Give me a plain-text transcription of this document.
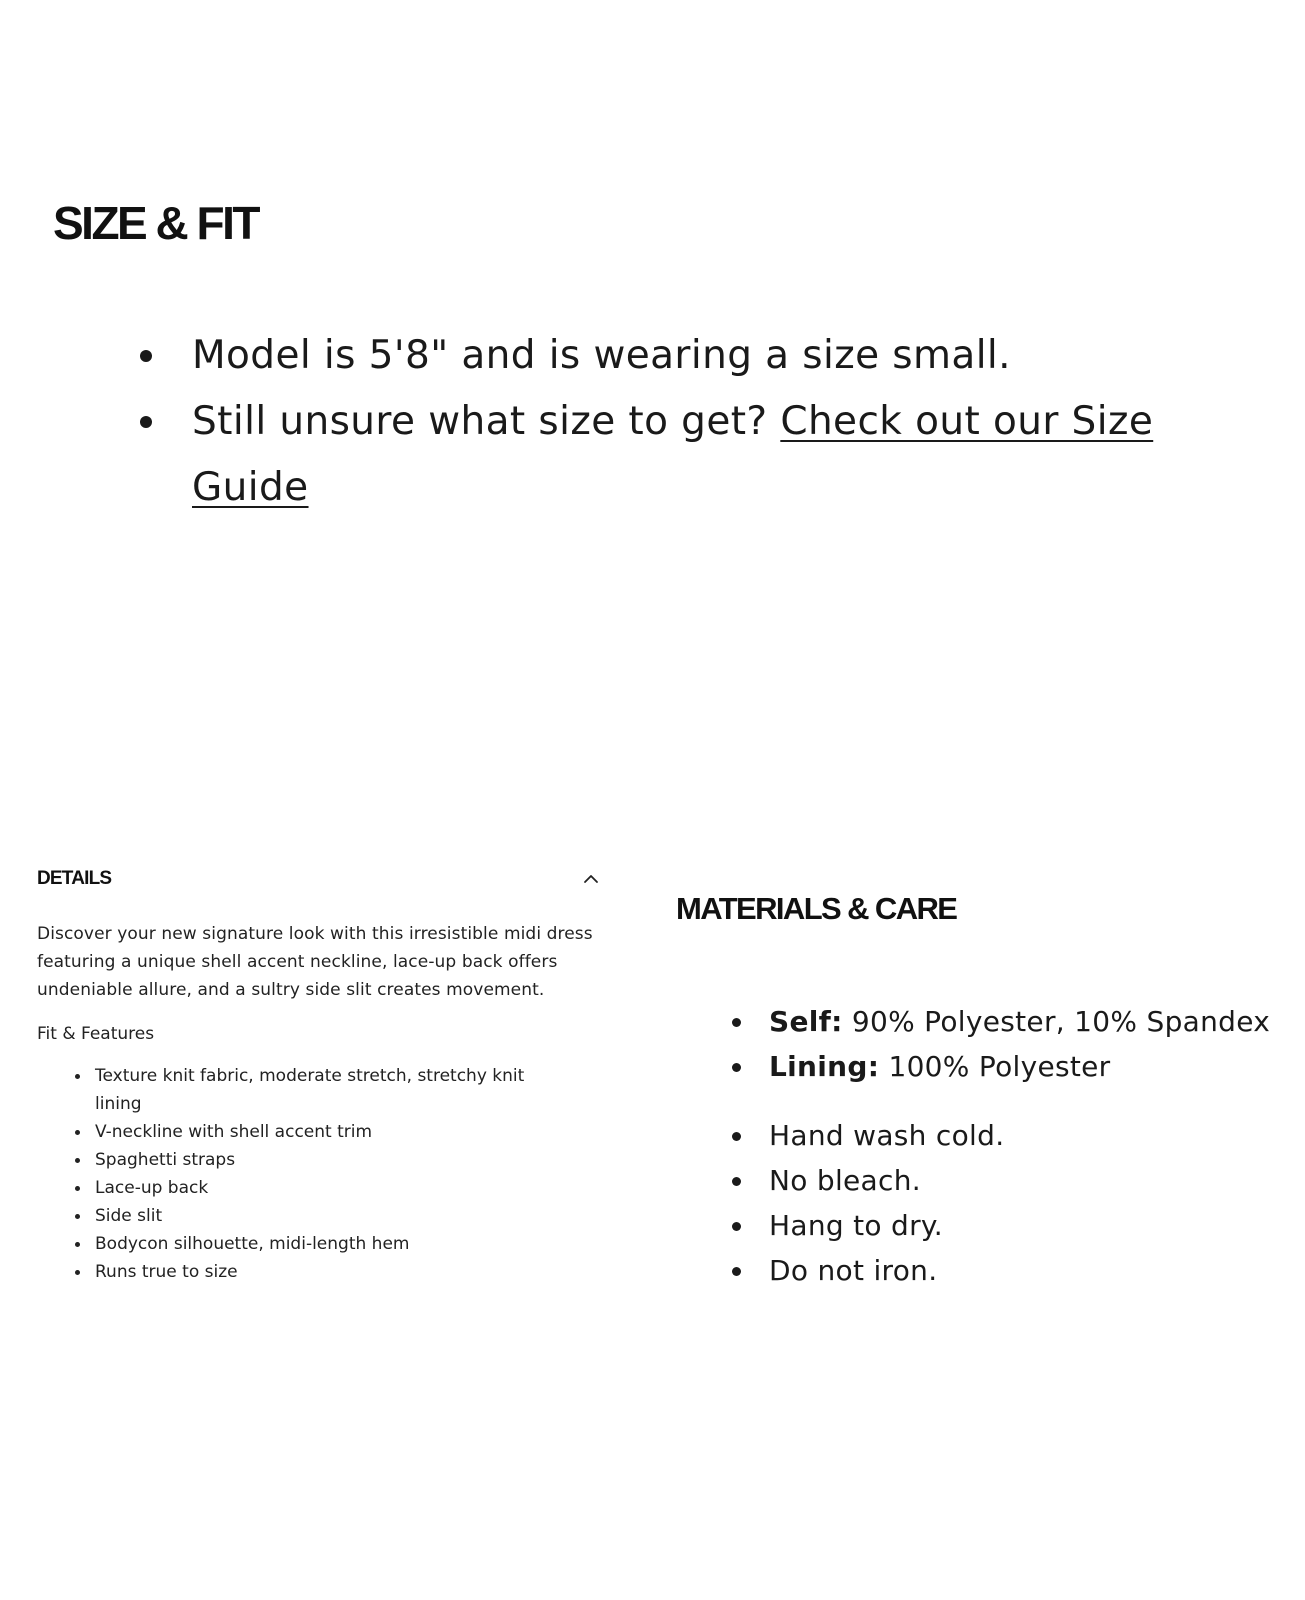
SIZE & FIT
Model is 5'8" and is wearing a size small.
Still unsure what size to get? Check out our Size Guide
DETAILS

Discover your new signature look with this irresistible midi dress featuring a unique shell accent neckline, lace-up back offers undeniable allure, and a sultry side slit creates movement.

Fit & Features

Texture knit fabric, moderate stretch, stretchy knit lining
V-neckline with shell accent trim
Spaghetti straps
Lace-up back
Side slit
Bodycon silhouette, midi-length hem
Runs true to size
MATERIALS & CARE
Self: 90% Polyester, 10% Spandex
Lining: 100% Polyester
Hand wash cold.
No bleach.
Hang to dry.
Do not iron.
